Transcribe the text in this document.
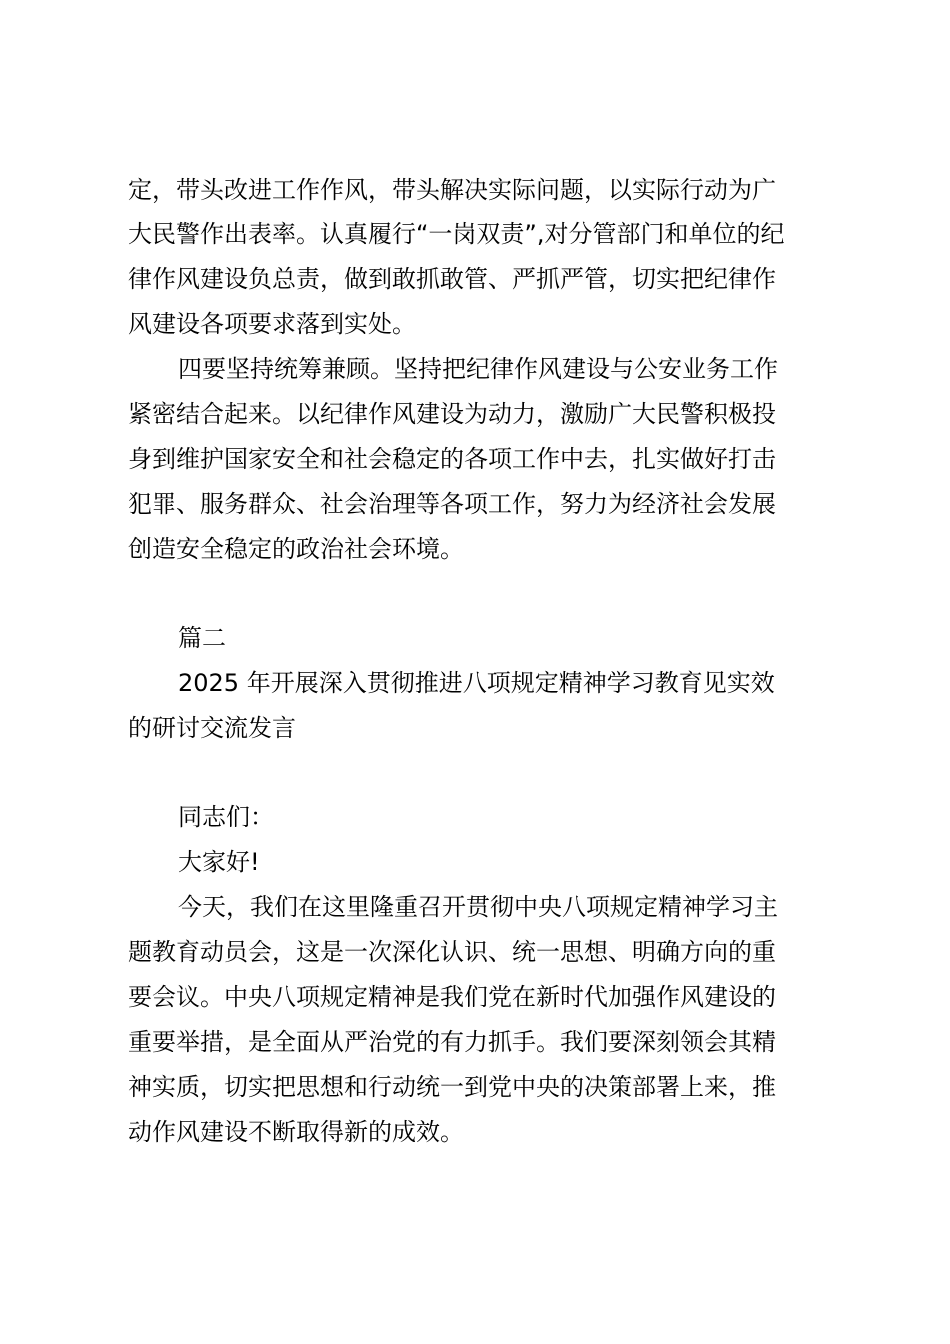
定，带头改进工作作风，带头解决实际问题，以实际行动为广
大民警作出表率。认真履行“一岗双责”,对分管部门和单位的纪
律作风建设负总责，做到敢抓敢管、严抓严管，切实把纪律作
风建设各项要求落到实处。
四要坚持统筹兼顾。坚持把纪律作风建设与公安业务工作
紧密结合起来。以纪律作风建设为动力，激励广大民警积极投
身到维护国家安全和社会稳定的各项工作中去，扎实做好打击
犯罪、服务群众、社会治理等各项工作，努力为经济社会发展
创造安全稳定的政治社会环境。
篇二
2025 年开展深入贯彻推进八项规定精神学习教育见实效
的研讨交流发言
同志们：
大家好!
今天，我们在这里隆重召开贯彻中央八项规定精神学习主
题教育动员会，这是一次深化认识、统一思想、明确方向的重
要会议。中央八项规定精神是我们党在新时代加强作风建设的
重要举措，是全面从严治党的有力抓手。我们要深刻领会其精
神实质，切实把思想和行动统一到党中央的决策部署上来，推
动作风建设不断取得新的成效。
